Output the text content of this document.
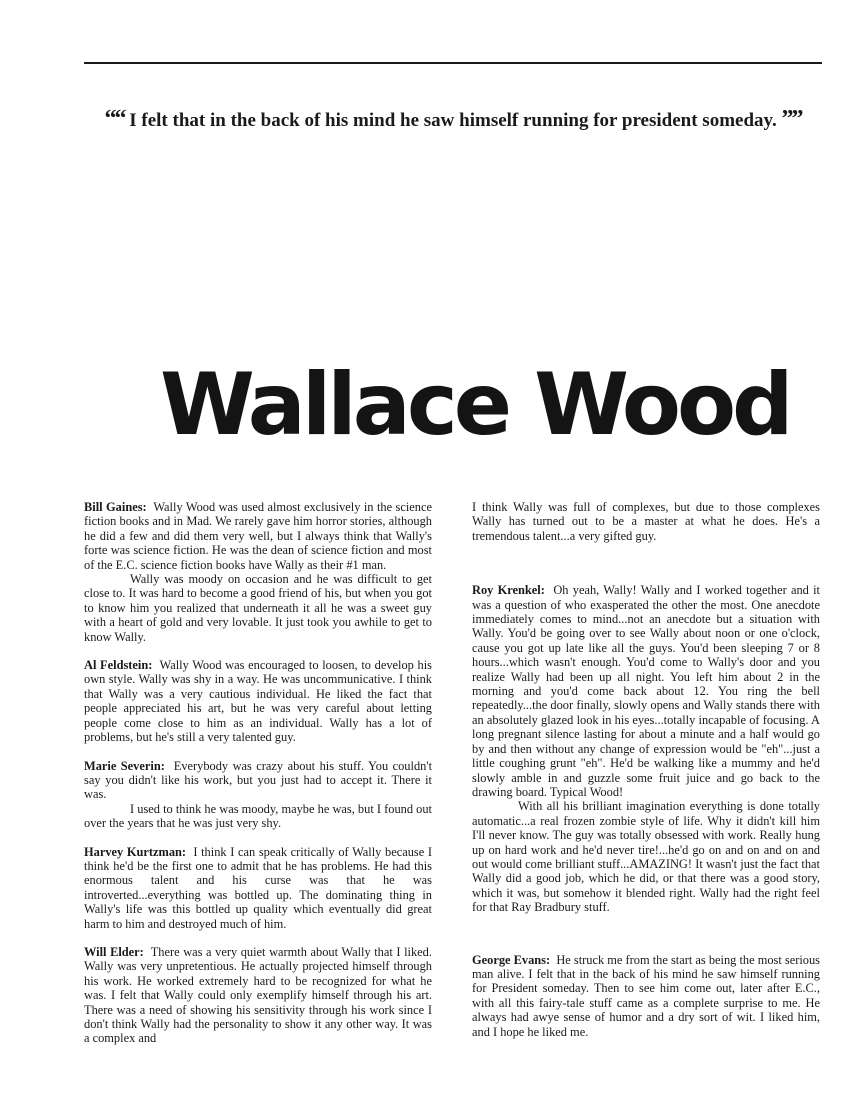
““ I felt that in the back of his mind he saw himself running for president someday. ””
Wallace Wood

Bill Gaines: Wally Wood was used almost exclusively in the science fiction books and in Mad. We rarely gave him horror stories, although he did a few and did them very well, but I always think that Wally's forte was science fiction. He was the dean of science fiction and most of the E.C. science fiction books have Wally as their #1 man.

Wally was moody on occasion and he was difficult to get close to. It was hard to become a good friend of his, but when you got to know him you realized that underneath it all he was a sweet guy with a heart of gold and very lovable. It just took you awhile to get to know Wally.

Al Feldstein: Wally Wood was encouraged to loosen, to develop his own style. Wally was shy in a way. He was uncommunicative. I think that Wally was a very cautious individual. He liked the fact that people appreciated his art, but he was very careful about letting people come close to him as an individual. Wally has a lot of problems, but he's still a very talented guy.

Marie Severin: Everybody was crazy about his stuff. You couldn't say you didn't like his work, but you just had to accept it. There it was.

I used to think he was moody, maybe he was, but I found out over the years that he was just very shy.

Harvey Kurtzman: I think I can speak critically of Wally because I think he'd be the first one to admit that he has problems. He had this enormous talent and his curse was that he was introverted...everything was bottled up. The dominating thing in Wally's life was this bottled up quality which eventually did great harm to him and destroyed much of him.

Will Elder: There was a very quiet warmth about Wally that I liked. Wally was very unpretentious. He actually projected himself through his work. He worked extremely hard to be recognized for what he was. I felt that Wally could only exemplify himself through his art. There was a need of showing his sensitivity through his work since I don't think Wally had the personality to show it any other way. It was a complex and

I think Wally was full of complexes, but due to those complexes Wally has turned out to be a master at what he does. He's a tremendous talent...a very gifted guy.

Roy Krenkel: Oh yeah, Wally! Wally and I worked together and it was a question of who exasperated the other the most. One anecdote immediately comes to mind...not an anecdote but a situation with Wally. You'd be going over to see Wally about noon or one o'clock, cause you got up late like all the guys. You'd been sleeping 7 or 8 hours...which wasn't enough. You'd come to Wally's door and you realize Wally had been up all night. You left him about 2 in the morning and you'd come back about 12. You ring the bell repeatedly...the door finally, slowly opens and Wally stands there with an absolutely glazed look in his eyes...totally incapable of focusing. A long pregnant silence lasting for about a minute and a half would go by and then without any change of expression would be "eh"...just a little coughing grunt "eh". He'd be walking like a mummy and he'd slowly amble in and guzzle some fruit juice and go back to the drawing board. Typical Wood!

With all his brilliant imagination everything is done totally automatic...a real frozen zombie style of life. Why it didn't kill him I'll never know. The guy was totally obsessed with work. Really hung up on hard work and he'd never tire!...he'd go on and on and on and out would come brilliant stuff...AMAZING! It wasn't just the fact that Wally did a good job, which he did, or that there was a good story, which it was, but somehow it blended right. Wally had the right feel for that Ray Bradbury stuff.

George Evans: He struck me from the start as being the most serious man alive. I felt that in the back of his mind he saw himself running for President someday. Then to see him come out, later after E.C., with all this fairy-tale stuff came as a complete surprise to me. He always had awye sense of humor and a dry sort of wit. I liked him, and I hope he liked me.
